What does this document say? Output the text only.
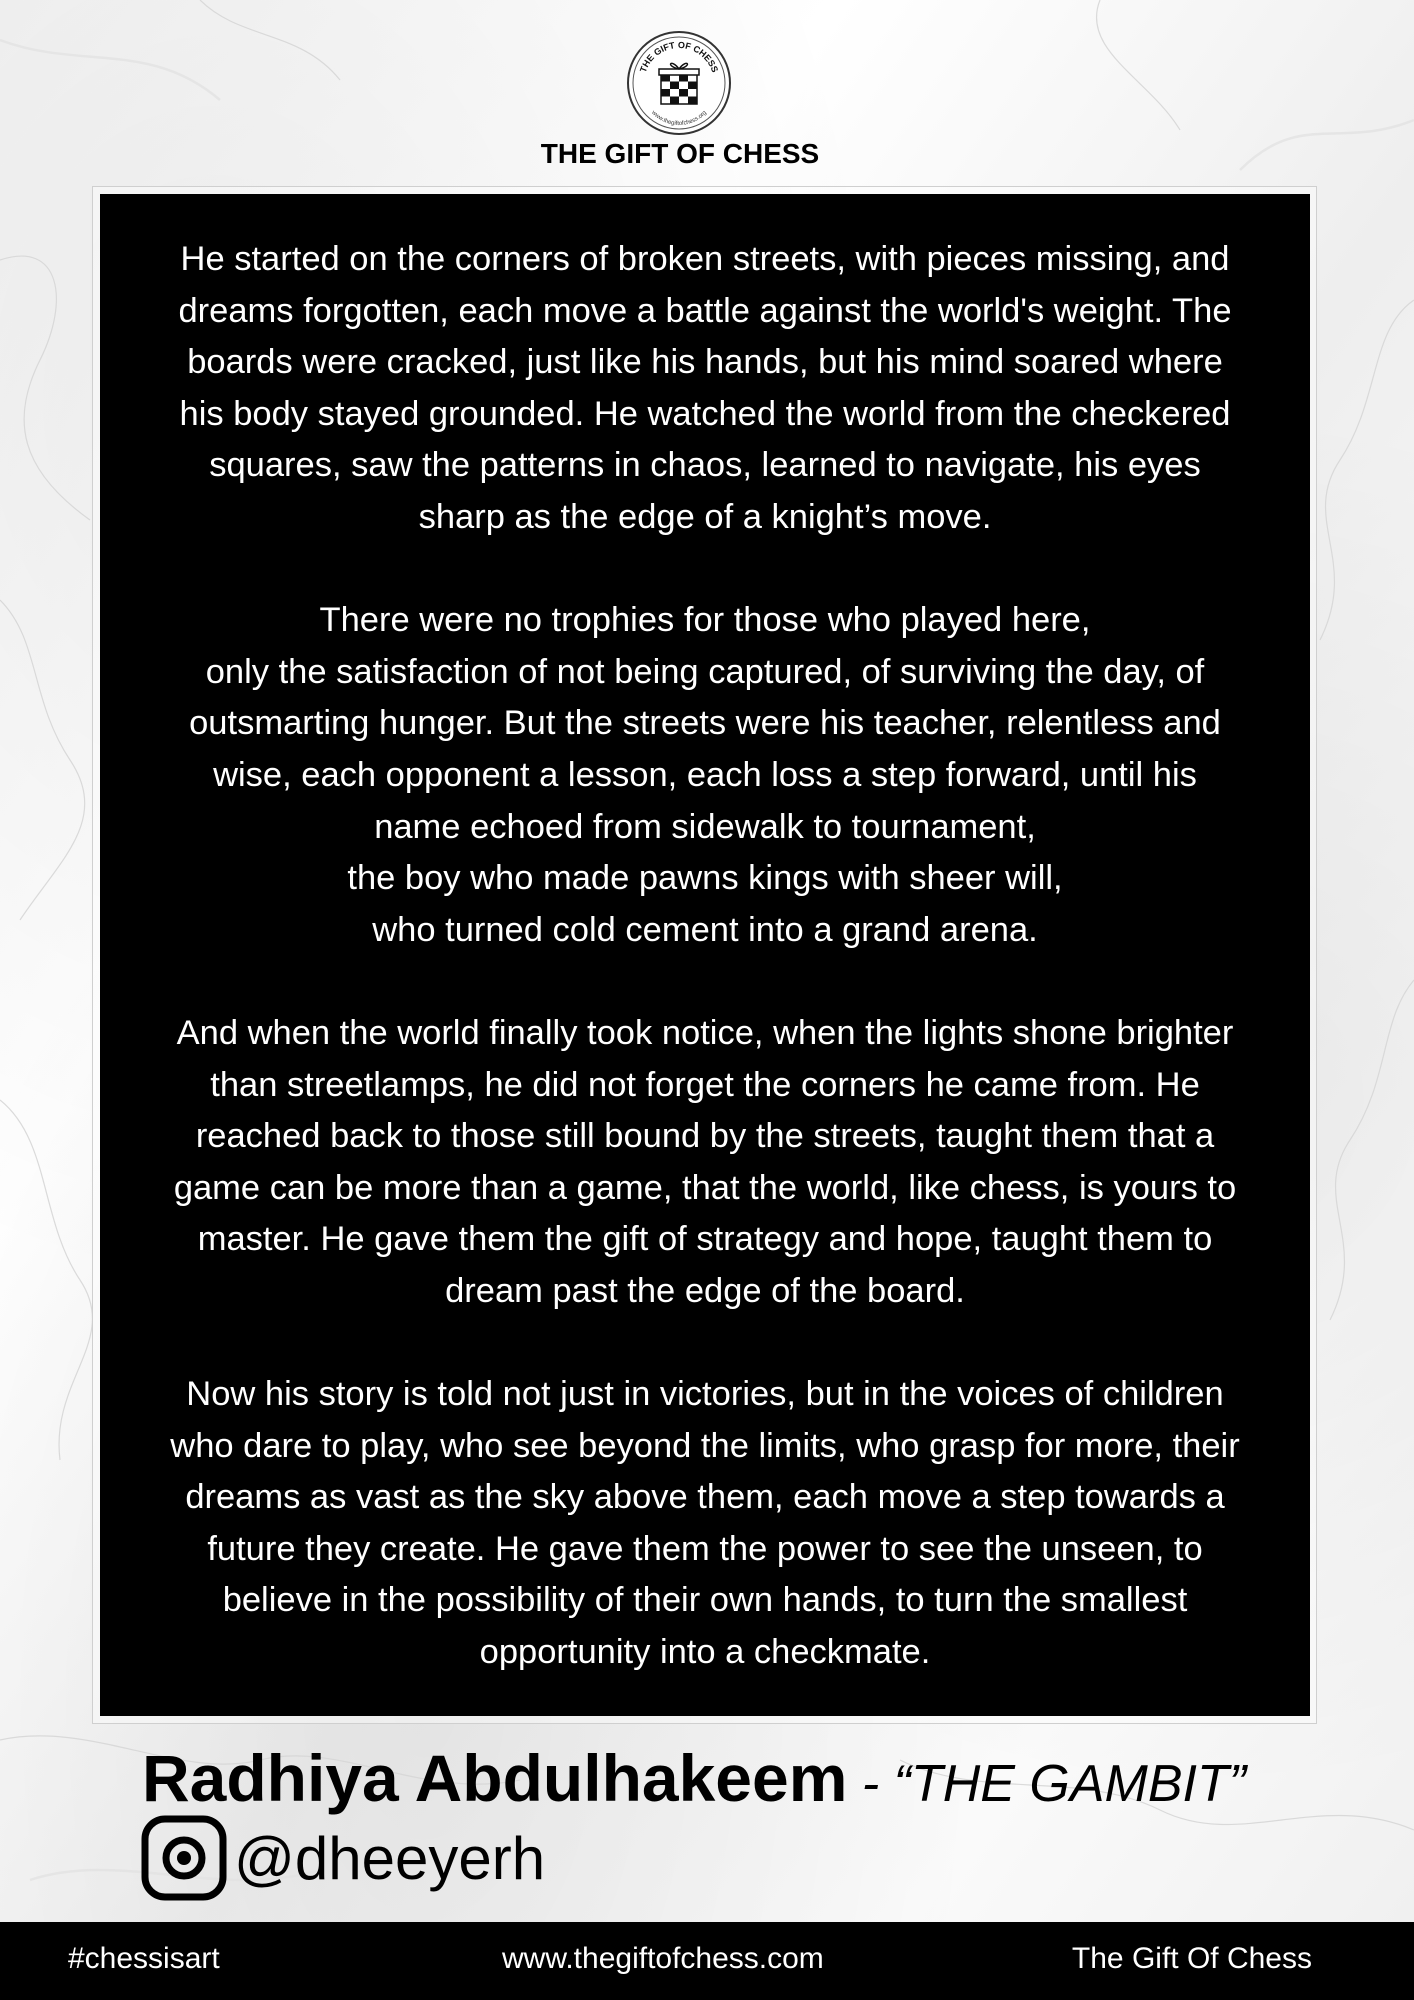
THE GIFT OF CHESS
www.thegiftofchess.org
THE GIFT OF CHESS

He started on the corners of broken streets, with pieces missing, and
dreams forgotten, each move a battle against the world's weight. The
boards were cracked, just like his hands, but his mind soared where
his body stayed grounded. He watched the world from the checkered
squares, saw the patterns in chaos, learned to navigate, his eyes
sharp as the edge of a knight’s move.

There were no trophies for those who played here,
only the satisfaction of not being captured, of surviving the day, of
outsmarting hunger. But the streets were his teacher, relentless and
wise, each opponent a lesson, each loss a step forward, until his
name echoed from sidewalk to tournament,
the boy who made pawns kings with sheer will,
who turned cold cement into a grand arena.

And when the world finally took notice, when the lights shone brighter
than streetlamps, he did not forget the corners he came from. He
reached back to those still bound by the streets, taught them that a
game can be more than a game, that the world, like chess, is yours to
master. He gave them the gift of strategy and hope, taught them to
dream past the edge of the board.

Now his story is told not just in victories, but in the voices of children
who dare to play, who see beyond the limits, who grasp for more, their
dreams as vast as the sky above them, each move a step towards a
future they create. He gave them the power to see the unseen, to
believe in the possibility of their own hands, to turn the smallest
opportunity into a checkmate.

Radhiya Abdulhakeem - “THE GAMBIT”
@dheeyerh
#chessisart	www.thegiftofchess.com	The Gift Of Chess
